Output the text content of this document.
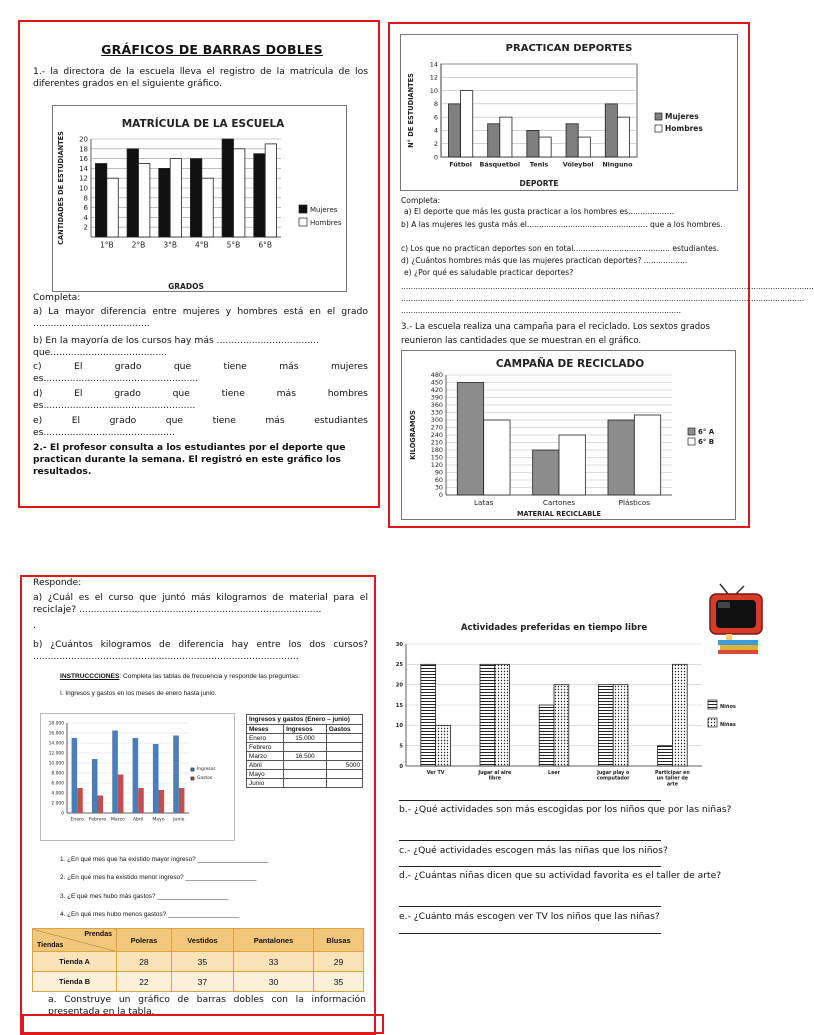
GRÁFICOS DE BARRAS DOBLES
1.- la directora de la escuela lleva el registro de la matrícula de los diferentes grados en el siguiente gráfico.
MATRÍCULA DE LA ESCUELA
2
4
6
8
10
12
14
16
18
20
1°B 2°B 3°B 4°B 5°B 6°B
GRADOS
CANTIDADES DE ESTUDIANTES	Mujeres
Hombres
Completa:
a) La mayor diferencia entre mujeres y hombres está en el grado ........................................
b) En la mayoría de los cursos hay más ...................................
que........................................
c)	El	grado	que	tiene	más	mujeres
es.....................................................
d)	El	grado	que	tiene	más	hombres
es....................................................
e)	El	grado	que	tiene	más	estudiantes
es.............................................
2.- El profesor consulta a los estudiantes por el deporte que practican durante la semana. El registró en este gráfico los resultados.
PRACTICAN DEPORTES
0
2
4
6
8
10
12
14
Fútbol Básquetbol Tenis Vóleybol Ninguno
DEPORTE
N° DE ESTUDIANTES	Mujeres
Hombres
Completa:
a) El deporte que más les gusta practicar a los hombres es...................
b) A las mujeres les gusta más el.................................................. que a los hombres.
c) Los que no practican deportes son en total........................................ estudiantes.
d) ¿Cuántos hombres más que las mujeres practican deportes? ..................
e) ¿Por qué es saludable practicar deportes?
...........................................................................................................................................................................
...................... ................................................................................................................................................
....................................................................................................................
3.- La escuela realiza una campaña para el reciclado. Los sextos grados reunieron las cantidades que se muestran en el gráfico.
CAMPAÑA DE RECICLADO
0
30
60
90
120
150
180
210
240
270
300
330
360
390
420
450
480
Latas	Cartones	Plásticos
MATERIAL RECICLABLE
KILOGRAMOS	6° A
6° B
Responde:
a) ¿Cuál es el curso que juntó más kilogramos de material para el reciclaje? ...................................................................................
.
b) ¿Cuántos kilogramos de diferencia hay entre los dos cursos? ...........................................................................................
INSTRUCCCIONES: Completa las tablas de frecuencia y responde las preguntas:
I. Ingresos y gastos en los meses de enero hasta junio.
0
2.000
4.000
6.000
8.000
10.000
12.000
14.000
16.000
18.000
Enero Febrero Marzo Abril Mayo Junio
Ingresos
Gastos
Ingresos y gastos (Enero – junio)		
Meses	Ingresos	Gastos
Enero	15.000	
Febrero		
Marzo	16.500	
Abril		5000
Mayo		
Junio		
1. ¿En qué mes que ha existido mayor ingreso? ____________________
2. ¿En qué mes ha existido menor ingreso? ____________________
3. ¿E qué mes hubo más gastos? ____________________
4. ¿En qué mes hubo menos gastos? ____________________
Prendas
Tiendas	Poleras	Vestidos	Pantalones	Blusas
Tienda A	28	35	33	29
Tienda B	22	37	30	35
a. Construye un gráfico de barras dobles con la información presentada en la tabla.
Actividades preferidas en tiempo libre
0
5
10
15
20
25
30
Ver TV	Jugar al aire
libre
Leer	Jugar play o
computador
Participar en
un taller de
arte
Niños
Niñas
b.- ¿Qué actividades son más escogidas por los niños que por las niñas?
c.- ¿Qué actividades escogen más las niñas que los niños?
d.- ¿Cuántas niñas dicen que su actividad favorita es el taller de arte?
e.- ¿Cuánto más escogen ver TV los niños que las niñas?
